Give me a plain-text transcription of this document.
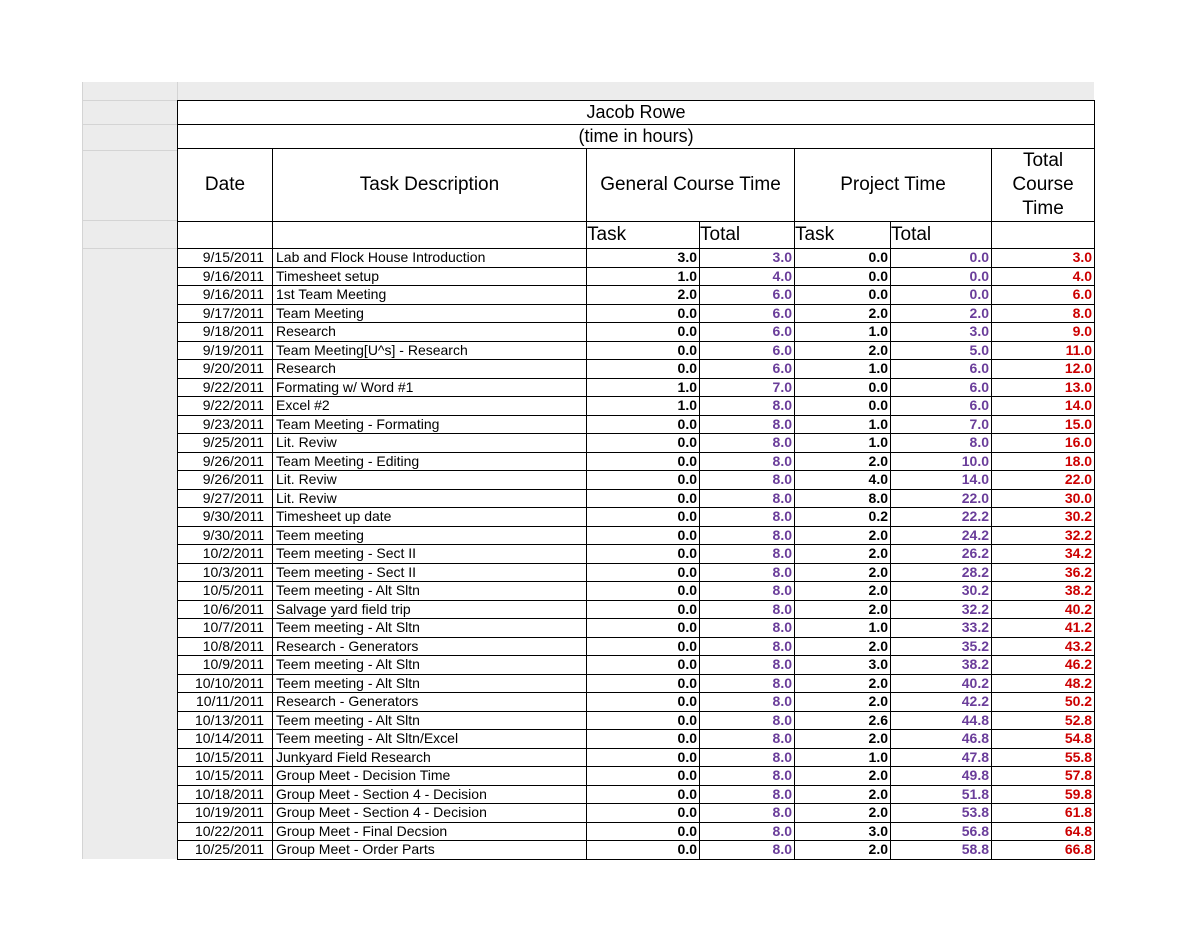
Jacob Rowe						
(time in hours)						
Date	Task Description	General Course Time		Project Time		Total Course Time
		Task	Total	Task	Total	
9/15/2011	Lab and Flock House Introduction	3.0	3.0	0.0	0.0	3.0
9/16/2011	Timesheet setup	1.0	4.0	0.0	0.0	4.0
9/16/2011	1st Team Meeting	2.0	6.0	0.0	0.0	6.0
9/17/2011	Team Meeting	0.0	6.0	2.0	2.0	8.0
9/18/2011	Research	0.0	6.0	1.0	3.0	9.0
9/19/2011	Team Meeting[U^s] - Research	0.0	6.0	2.0	5.0	11.0
9/20/2011	Research	0.0	6.0	1.0	6.0	12.0
9/22/2011	Formating w/ Word #1	1.0	7.0	0.0	6.0	13.0
9/22/2011	Excel #2	1.0	8.0	0.0	6.0	14.0
9/23/2011	Team Meeting - Formating	0.0	8.0	1.0	7.0	15.0
9/25/2011	Lit. Reviw	0.0	8.0	1.0	8.0	16.0
9/26/2011	Team Meeting - Editing	0.0	8.0	2.0	10.0	18.0
9/26/2011	Lit. Reviw	0.0	8.0	4.0	14.0	22.0
9/27/2011	Lit. Reviw	0.0	8.0	8.0	22.0	30.0
9/30/2011	Timesheet up date	0.0	8.0	0.2	22.2	30.2
9/30/2011	Teem meeting	0.0	8.0	2.0	24.2	32.2
10/2/2011	Teem meeting - Sect II	0.0	8.0	2.0	26.2	34.2
10/3/2011	Teem meeting - Sect II	0.0	8.0	2.0	28.2	36.2
10/5/2011	Teem meeting - Alt Sltn	0.0	8.0	2.0	30.2	38.2
10/6/2011	Salvage yard field trip	0.0	8.0	2.0	32.2	40.2
10/7/2011	Teem meeting - Alt Sltn	0.0	8.0	1.0	33.2	41.2
10/8/2011	Research - Generators	0.0	8.0	2.0	35.2	43.2
10/9/2011	Teem meeting - Alt Sltn	0.0	8.0	3.0	38.2	46.2
10/10/2011	Teem meeting - Alt Sltn	0.0	8.0	2.0	40.2	48.2
10/11/2011	Research - Generators	0.0	8.0	2.0	42.2	50.2
10/13/2011	Teem meeting - Alt Sltn	0.0	8.0	2.6	44.8	52.8
10/14/2011	Teem meeting - Alt Sltn/Excel	0.0	8.0	2.0	46.8	54.8
10/15/2011	Junkyard Field Research	0.0	8.0	1.0	47.8	55.8
10/15/2011	Group Meet - Decision Time	0.0	8.0	2.0	49.8	57.8
10/18/2011	Group Meet - Section 4 - Decision	0.0	8.0	2.0	51.8	59.8
10/19/2011	Group Meet - Section 4 - Decision	0.0	8.0	2.0	53.8	61.8
10/22/2011	Group Meet - Final Decsion	0.0	8.0	3.0	56.8	64.8
10/25/2011	Group Meet - Order Parts	0.0	8.0	2.0	58.8	66.8
